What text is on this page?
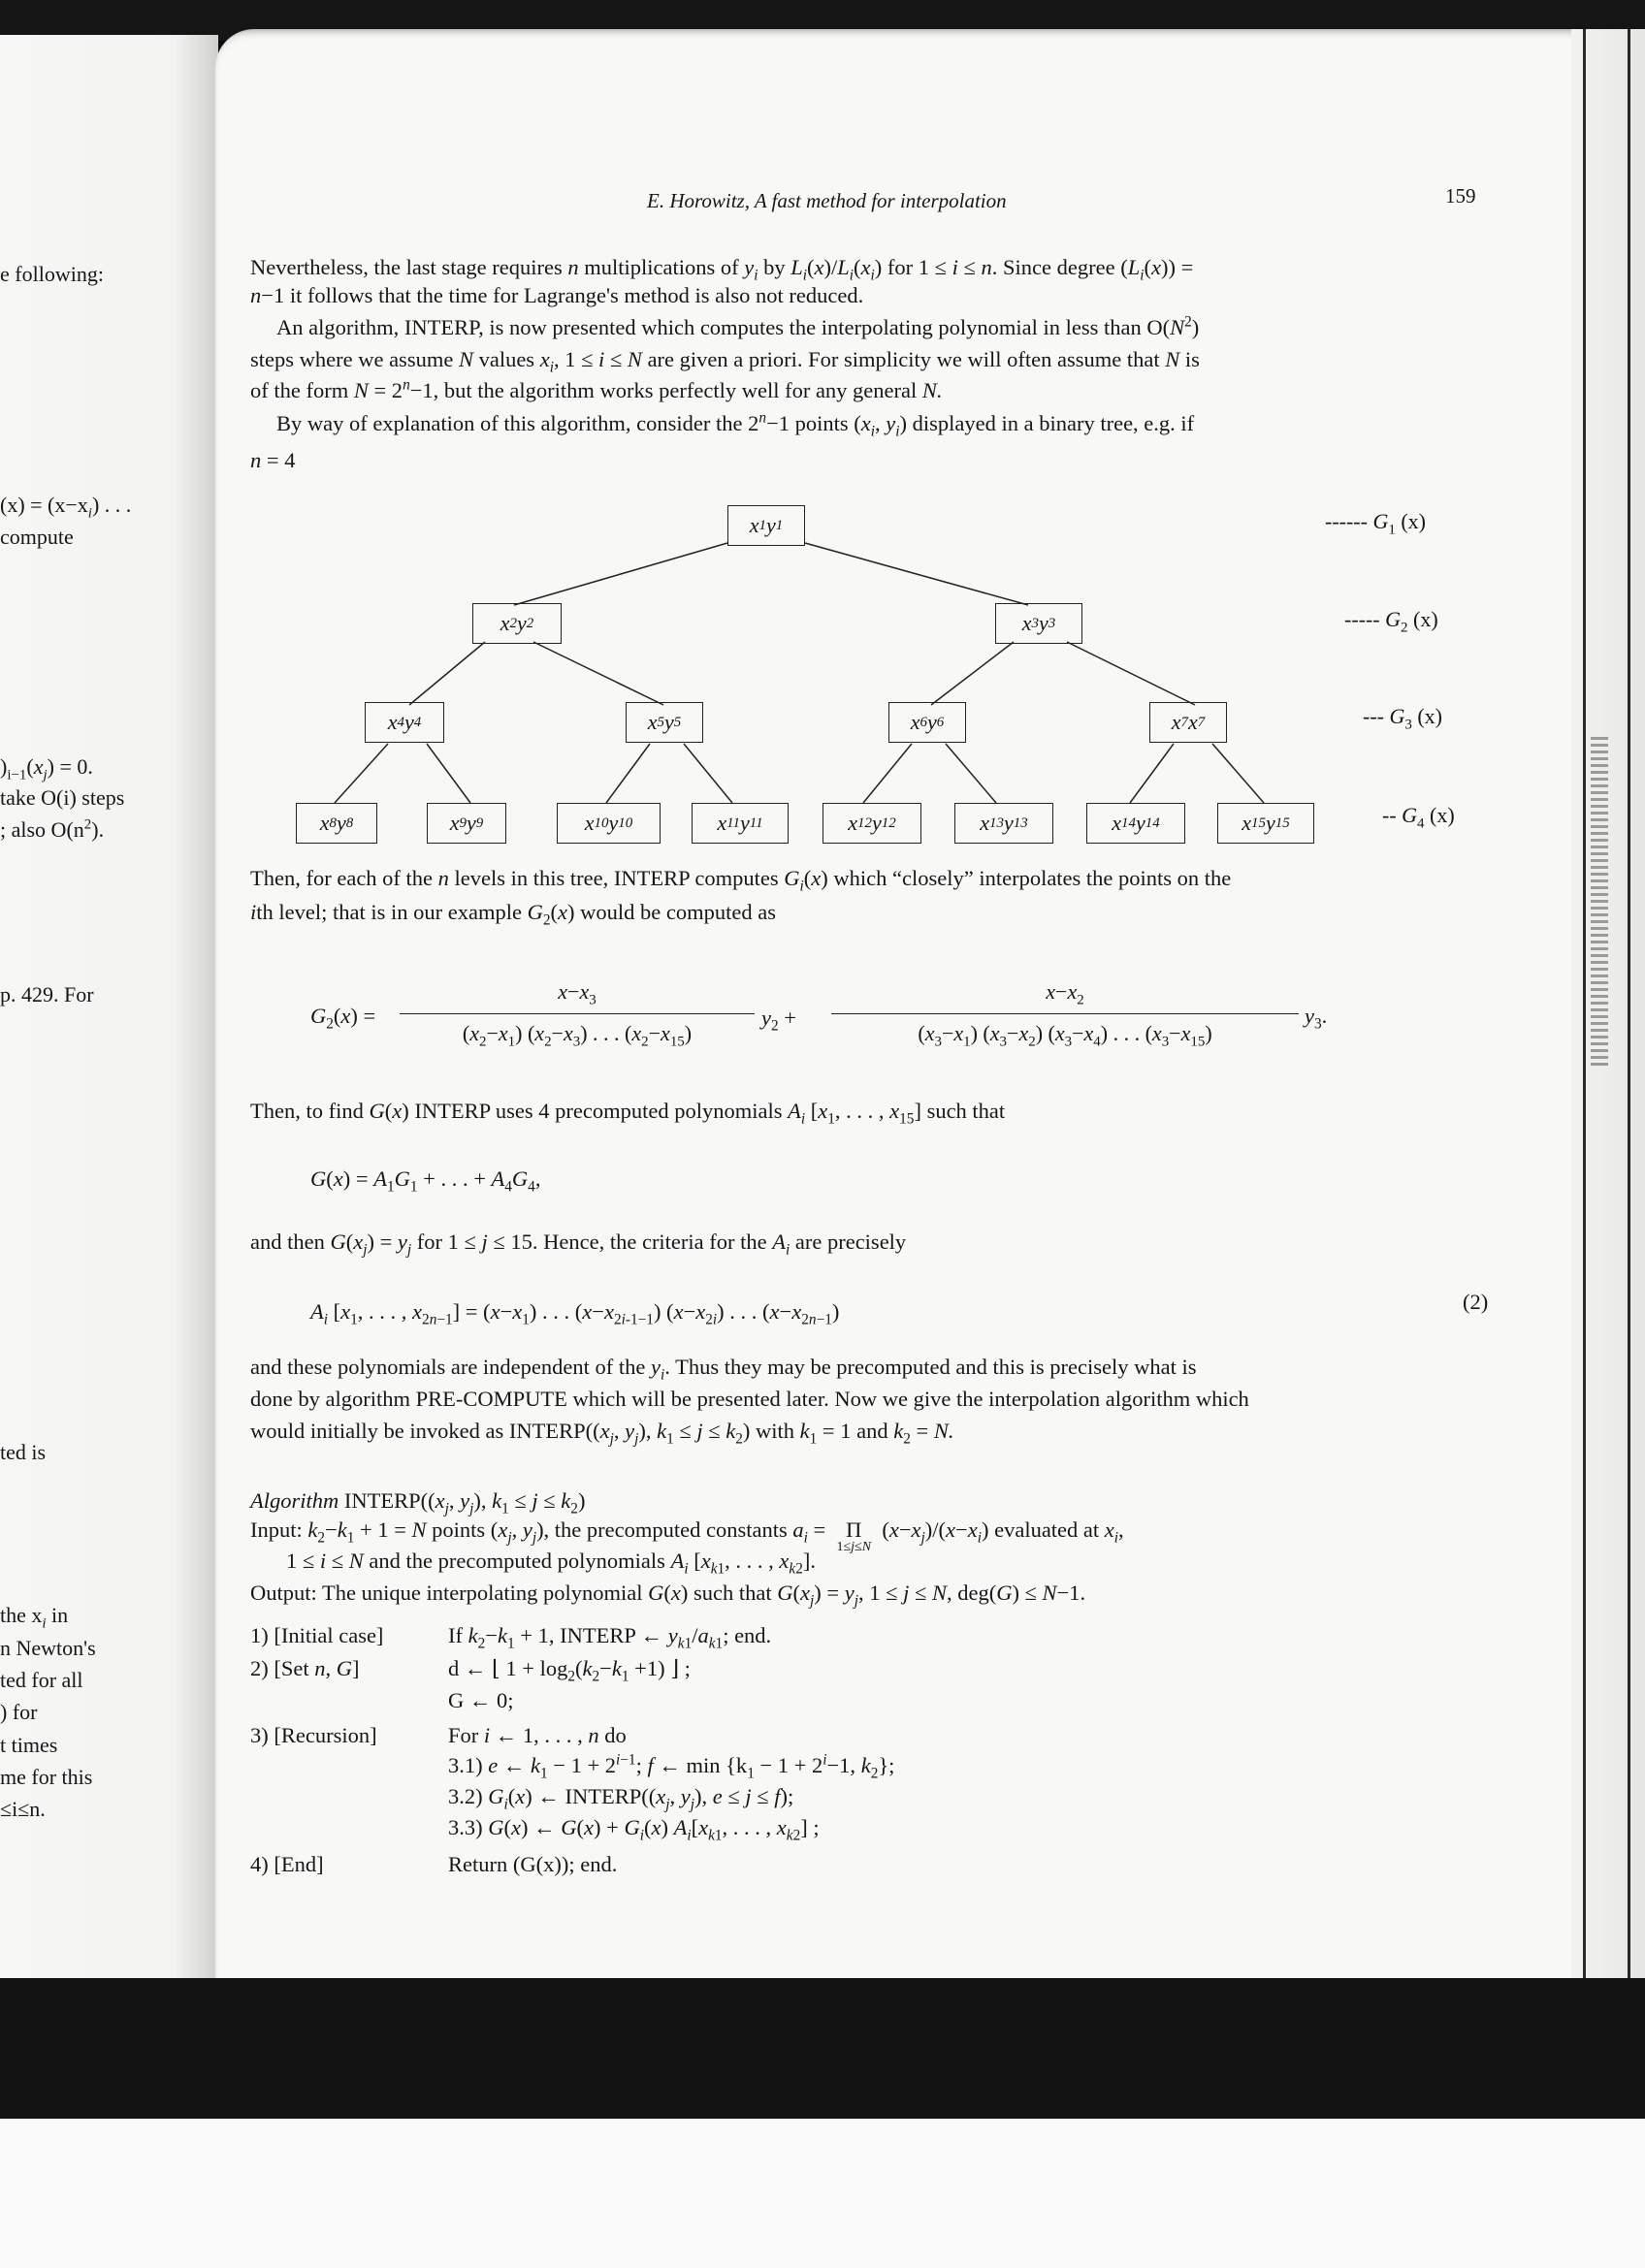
e following:
$(x) = (x-x_i)$ . . .
compute
)$_{i-1}(x_j) = 0$.
take O(i) steps
; also $O(n^2)$.
p. 429. For
ted is
the $x_i$ in
n Newton's
ted for all
) for
t times
me for this
≤i≤n.
E. Horowitz, A fast method for interpolation	159
Nevertheless, the last stage requires n multiplications of $y_i$ by $L_i(x)/L_i(x_i)$ for 1 ≤ i ≤ n. Since degree $(L_i(x))$ =
n−1 it follows that the time for Lagrange's method is also not reduced.
An algorithm, INTERP, is now presented which computes the interpolating polynomial in less than $O(N^2)$
steps where we assume N values $x_i$, 1 ≤ i ≤ N are given a priori. For simplicity we will often assume that N is
of the form $N = 2^n-1$, but the algorithm works perfectly well for any general N.
By way of explanation of this algorithm, consider the $2^n-1$ points ($x_i$, $y_i$) displayed in a binary tree, e.g. if
n = 4
x 1 y 1
x 2 y 2	x 3 y 3
x 4 y 4	x 5 y 5	x 6 y 6	x 7 x 7
x 8 y 8	x 9 y 9	x 10 y 10	x 11 y 11	x 12 y 12	x 13 y 13	x 14 y 14	x 15 y 15
------ $G_1$ (x)
----- $G_2$ (x)
--- $G_3$ (x)
-- $G_4$ (x)
Then, for each of the n levels in this tree, INTERP computes $G_i(x)$ which “closely” interpolates the points on the
ith level; that is in our example $G_2(x)$ would be computed as
$G_2(x)$ =
$x-x_3$
$(x_2-x_1)$ $(x_2-x_3)$ . . . $(x_2-x_{15})$
$y_2$ +
$x-x_2$
$(x_3-x_1)$ $(x_3-x_2)$ $(x_3-x_4)$ . . . $(x_3-x_{15})$
$y_3$.
Then, to find G(x) INTERP uses 4 precomputed polynomials $A_i$ [$x_1$, . . . , $x_{15}$] such that
$G(x) = A_1G_1$ + . . . + $A_4G_4$,
and then $G(x_j) = y_j$ for 1 ≤ j ≤ 15. Hence, the criteria for the $A_i$ are precisely
$A_i$ [$x_1$, . . . , $x_{2n-1}] = (x-x_1)$ . . . $(x-x_{2i-1-1})$ $(x-x_{2i})$ . . . $(x-x_{2n-1})$	(2)
and these polynomials are independent of the $y_i$. Thus they may be precomputed and this is precisely what is
done by algorithm PRE-COMPUTE which will be presented later. Now we give the interpolation algorithm which
would initially be invoked as $INTERP((x_j$, $y_j$), $k_1 \le j \le k_2$) with $k_1 = 1$ and $k_2 = N$.
Algorithm $INTERP((x_j$, $y_j$), $k_1 \le j \le k_2$)
Input: $k_2-k_1 + 1 = N$ points ($x_j$, $y_j$), the precomputed constants $a_i = \Pi$
1≤j≤N
$(x-x_j)/(x-x_i)$ evaluated at $x_i$,
1 ≤ i ≤ N and the precomputed polynomials $A_i$ [$x_{k1}$, . . . , $x_{k2}$].
Output: The unique interpolating polynomial G(x) such that $G(x_j) = y_j$, 1 ≤ j ≤ N, deg(G) ≤ N−1.
1) [Initial case]	If $k_2-k_1 + 1$, INTERP ← $y_{k1}/a_{k1}$; end.
2) [Set n, G]	d ← ⌊ $1 + \log_2(k_2-k_1 +1)$ ⌋ ;
G ← 0;
3) [Recursion]	For i ← 1, . . . , n do
3.1) e ← $k_1 - 1 + 2^{i-1}$; f ← $\min \{k_1 - 1 + 2^i-1$, $k_2$};
3.2) $G_i(x)$ ← $INTERP((x_j$, $y_j$), e ≤ j ≤ f);
3.3) G(x) ← $G(x) + G_i(x)$ $A_i[x_{k1}$, . . . , $x_{k2}$] ;
4) [End]	Return (G(x)); end.
